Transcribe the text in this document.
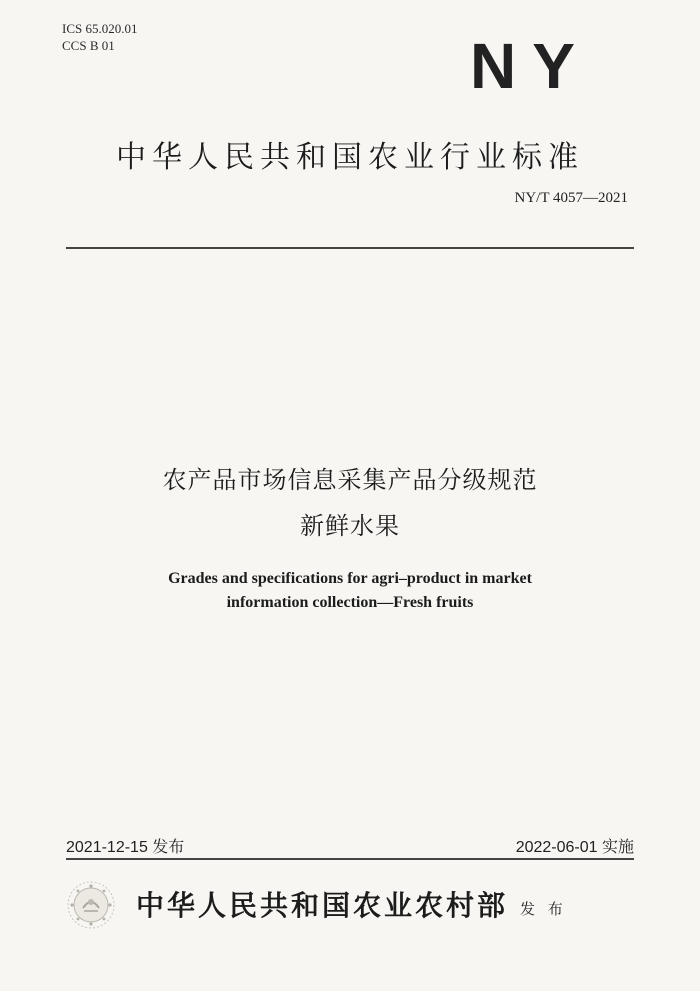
ICS 65.020.01
CCS B 01	NY
中华人民共和国农业行业标准
NY/T 4057—2021
农产品市场信息采集产品分级规范
新鲜水果
Grades and specifications for agri–product in market
information collection—Fresh fruits
2021-12-15 发布	2022-06-01 实施
中华人民共和国农业农村部 发 布
